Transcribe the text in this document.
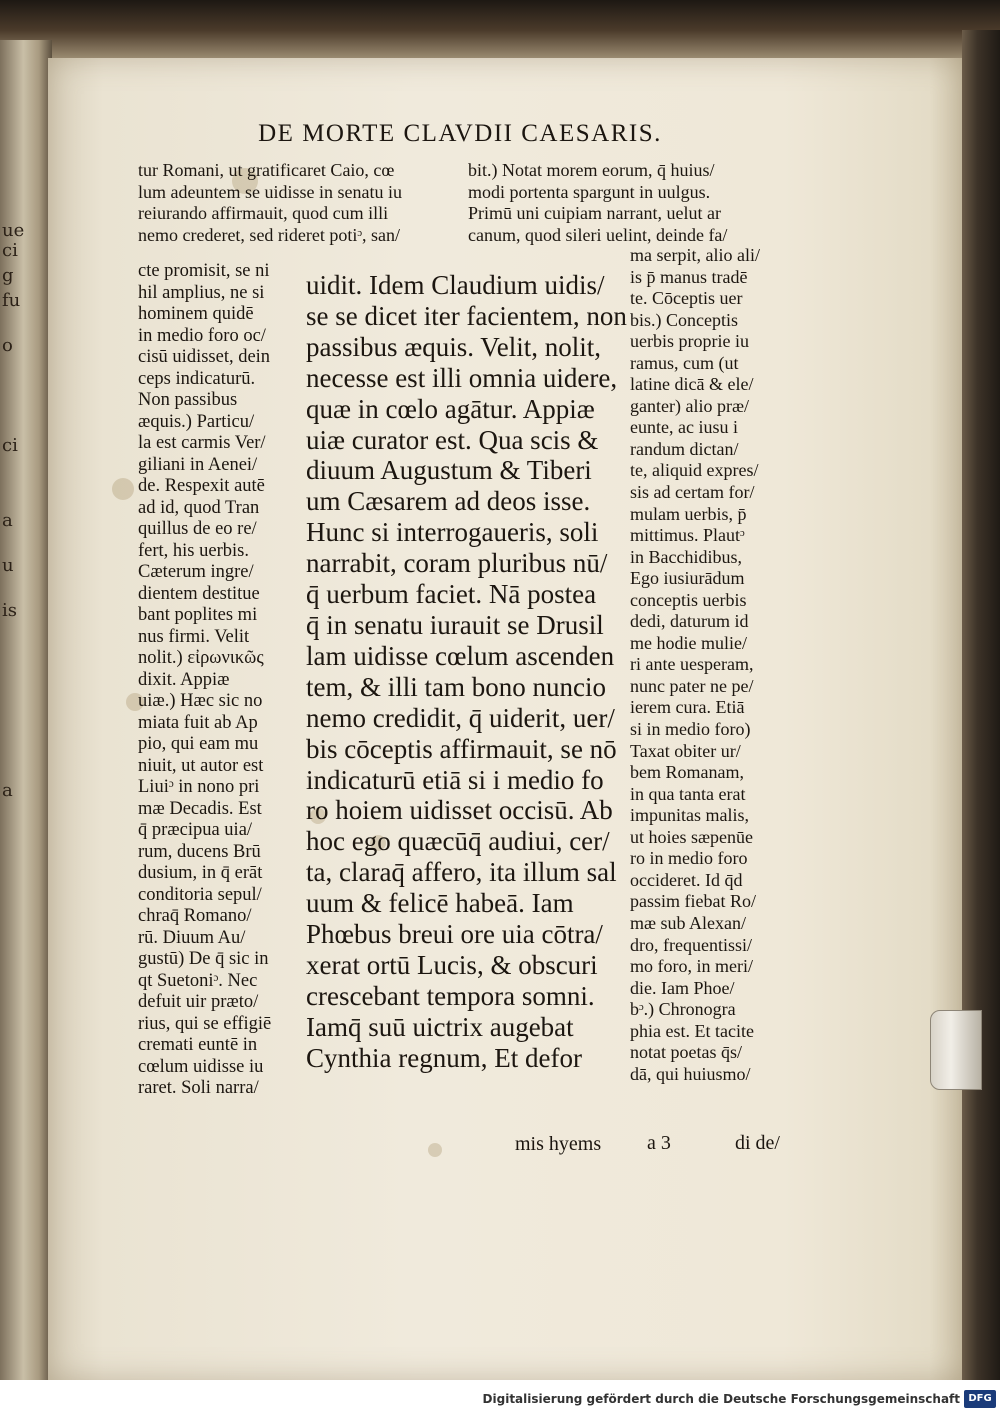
ue
ci
g
fu
o
ci
a
u
is
a
DE MORTE CLAVDII CAESARIS.
tur Romani, ut gratificaret Caio, cœ
lum adeuntem se uidisse in senatu iu
reiurando affirmauit, quod cum illi
nemo crederet, sed rideret potiᵓ, san/
bit.) Notat morem eorum, q̄ huius/
modi portenta spargunt in uulgus.
Primū uni cuipiam narrant, uelut ar
canum, quod sileri uelint, deinde fa/
cte promisit, se ni
hil amplius, ne si
hominem quidē
in medio foro oc/
cisū uidisset, dein
ceps indicaturū.
Non passibus
æquis.) Particu/
la est carmis Ver/
giliani in Aenei/
de. Respexit autē
ad id, quod Tran
quillus de eo re/
fert, his uerbis.
Cæterum ingre/
dientem destitue
bant poplites mi
nus firmi. Velit
nolit.) εἰρωνικῶς
dixit. Appiæ
uiæ.) Hæc sic no
miata fuit ab Ap
pio, qui eam mu
niuit, ut autor est
Liuiᵓ in nono pri
mæ Decadis. Est
q̄ præcipua uia/
rum, ducens Brū
dusium, in q̄ erāt
conditoria sepul/
chraq̄ Romano/
rū. Diuum Au/
gustū) De q̄ sic in
qt Suetoniᵓ. Nec
defuit uir præto/
rius, qui se effigiē
cremati euntē in
cœlum uidisse iu
raret. Soli narra/
ma serpit, alio ali/
is p̄ manus tradē
te. Cōceptis uer
bis.) Conceptis
uerbis proprie iu
ramus, cum (ut
latine dicā & ele/
ganter) alio præ/
eunte, ac iusu i
randum dictan/
te, aliquid expres/
sis ad certam for/
mulam uerbis, p̄
mittimus. Plautᵓ
in Bacchidibus,
Ego iusiurādum
conceptis uerbis
dedi, daturum id
me hodie mulie/
ri ante uesperam,
nunc pater ne pe/
ierem cura. Etiā
si in medio foro)
Taxat obiter ur/
bem Romanam,
in qua tanta erat
impunitas malis,
ut hoies sæpenūe
ro in medio foro
occideret. Id q̄d
passim fiebat Ro/
mæ sub Alexan/
dro, frequentissi/
mo foro, in meri/
die. Iam Phoe/
bᵓ.) Chronogra
phia est. Et tacite
notat poetas q̄s/
dā, qui huiusmo/
uidit. Idem Claudium uidis/
se se dicet iter facientem, non
passibus æquis. Velit, nolit,
necesse est illi omnia uidere,
quæ in cœlo agātur. Appiæ
uiæ curator est. Qua scis &
diuum Augustum & Tiberi
um Cæsarem ad deos isse.
Hunc si interrogaueris, soli
narrabit, coram pluribus nū/
q̄ uerbum faciet. Nā postea
q̄ in senatu iurauit se Drusil
lam uidisse cœlum ascenden
tem, & illi tam bono nuncio
nemo credidit, q̄ uiderit, uer/
bis cōceptis affirmauit, se nō
indicaturū etiā si i medio fo
ro hoiem uidisset occisū. Ab
hoc ego quæcūq̄ audiui, cer/
ta, claraq̄ affero, ita illum sal
uum & felicē habeā. Iam
Phœbus breui ore uia cōtra/
xerat ortū Lucis, & obscuri
crescebant tempora somni.
Iamq̄ suū uictrix augebat
Cynthia regnum, Et defor
mis hyems a 3	di de/
Digitalisierung gefördert durch die Deutsche Forschungsgemeinschaft DFG
